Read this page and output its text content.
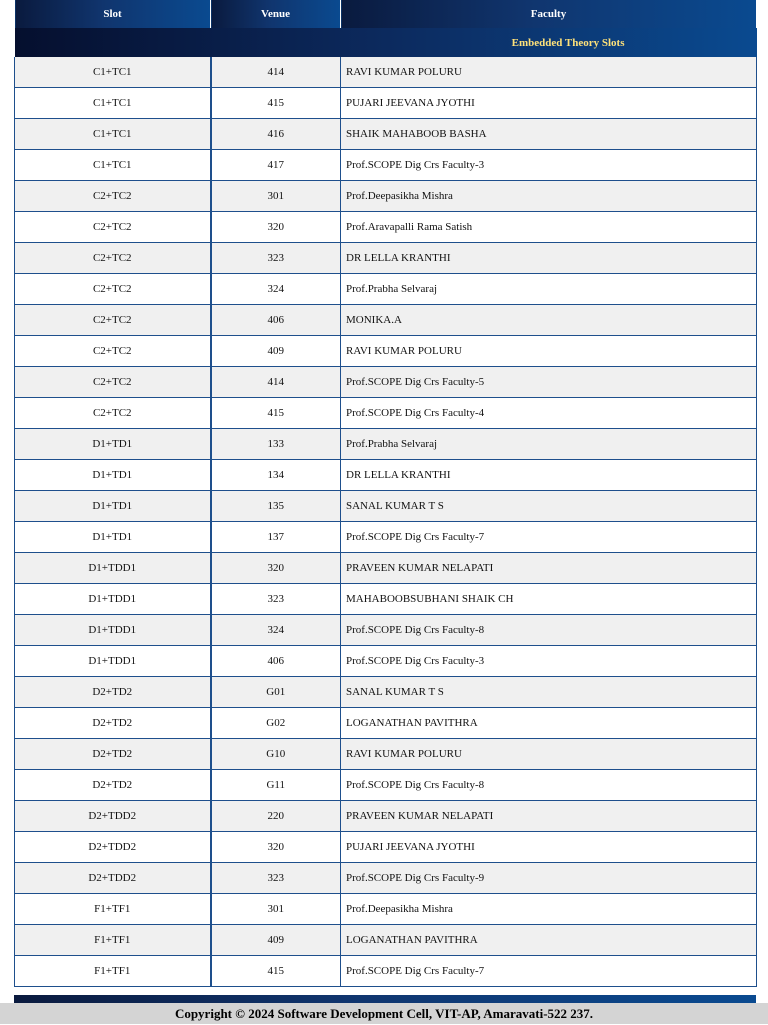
Slot	Venue	Faculty
Embedded Theory Slots		
C1+TC1	414	RAVI KUMAR POLURU
C1+TC1	415	PUJARI JEEVANA JYOTHI
C1+TC1	416	SHAIK MAHABOOB BASHA
C1+TC1	417	Prof.SCOPE Dig Crs Faculty-3
C2+TC2	301	Prof.Deepasikha Mishra
C2+TC2	320	Prof.Aravapalli Rama Satish
C2+TC2	323	DR LELLA KRANTHI
C2+TC2	324	Prof.Prabha Selvaraj
C2+TC2	406	MONIKA.A
C2+TC2	409	RAVI KUMAR POLURU
C2+TC2	414	Prof.SCOPE Dig Crs Faculty-5
C2+TC2	415	Prof.SCOPE Dig Crs Faculty-4
D1+TD1	133	Prof.Prabha Selvaraj
D1+TD1	134	DR LELLA KRANTHI
D1+TD1	135	SANAL KUMAR T S
D1+TD1	137	Prof.SCOPE Dig Crs Faculty-7
D1+TDD1	320	PRAVEEN KUMAR NELAPATI
D1+TDD1	323	MAHABOOBSUBHANI SHAIK CH
D1+TDD1	324	Prof.SCOPE Dig Crs Faculty-8
D1+TDD1	406	Prof.SCOPE Dig Crs Faculty-3
D2+TD2	G01	SANAL KUMAR T S
D2+TD2	G02	LOGANATHAN PAVITHRA
D2+TD2	G10	RAVI KUMAR POLURU
D2+TD2	G11	Prof.SCOPE Dig Crs Faculty-8
D2+TDD2	220	PRAVEEN KUMAR NELAPATI
D2+TDD2	320	PUJARI JEEVANA JYOTHI
D2+TDD2	323	Prof.SCOPE Dig Crs Faculty-9
F1+TF1	301	Prof.Deepasikha Mishra
F1+TF1	409	LOGANATHAN PAVITHRA
F1+TF1	415	Prof.SCOPE Dig Crs Faculty-7
Copyright © 2024 Software Development Cell, VIT-AP, Amaravati-522 237.
